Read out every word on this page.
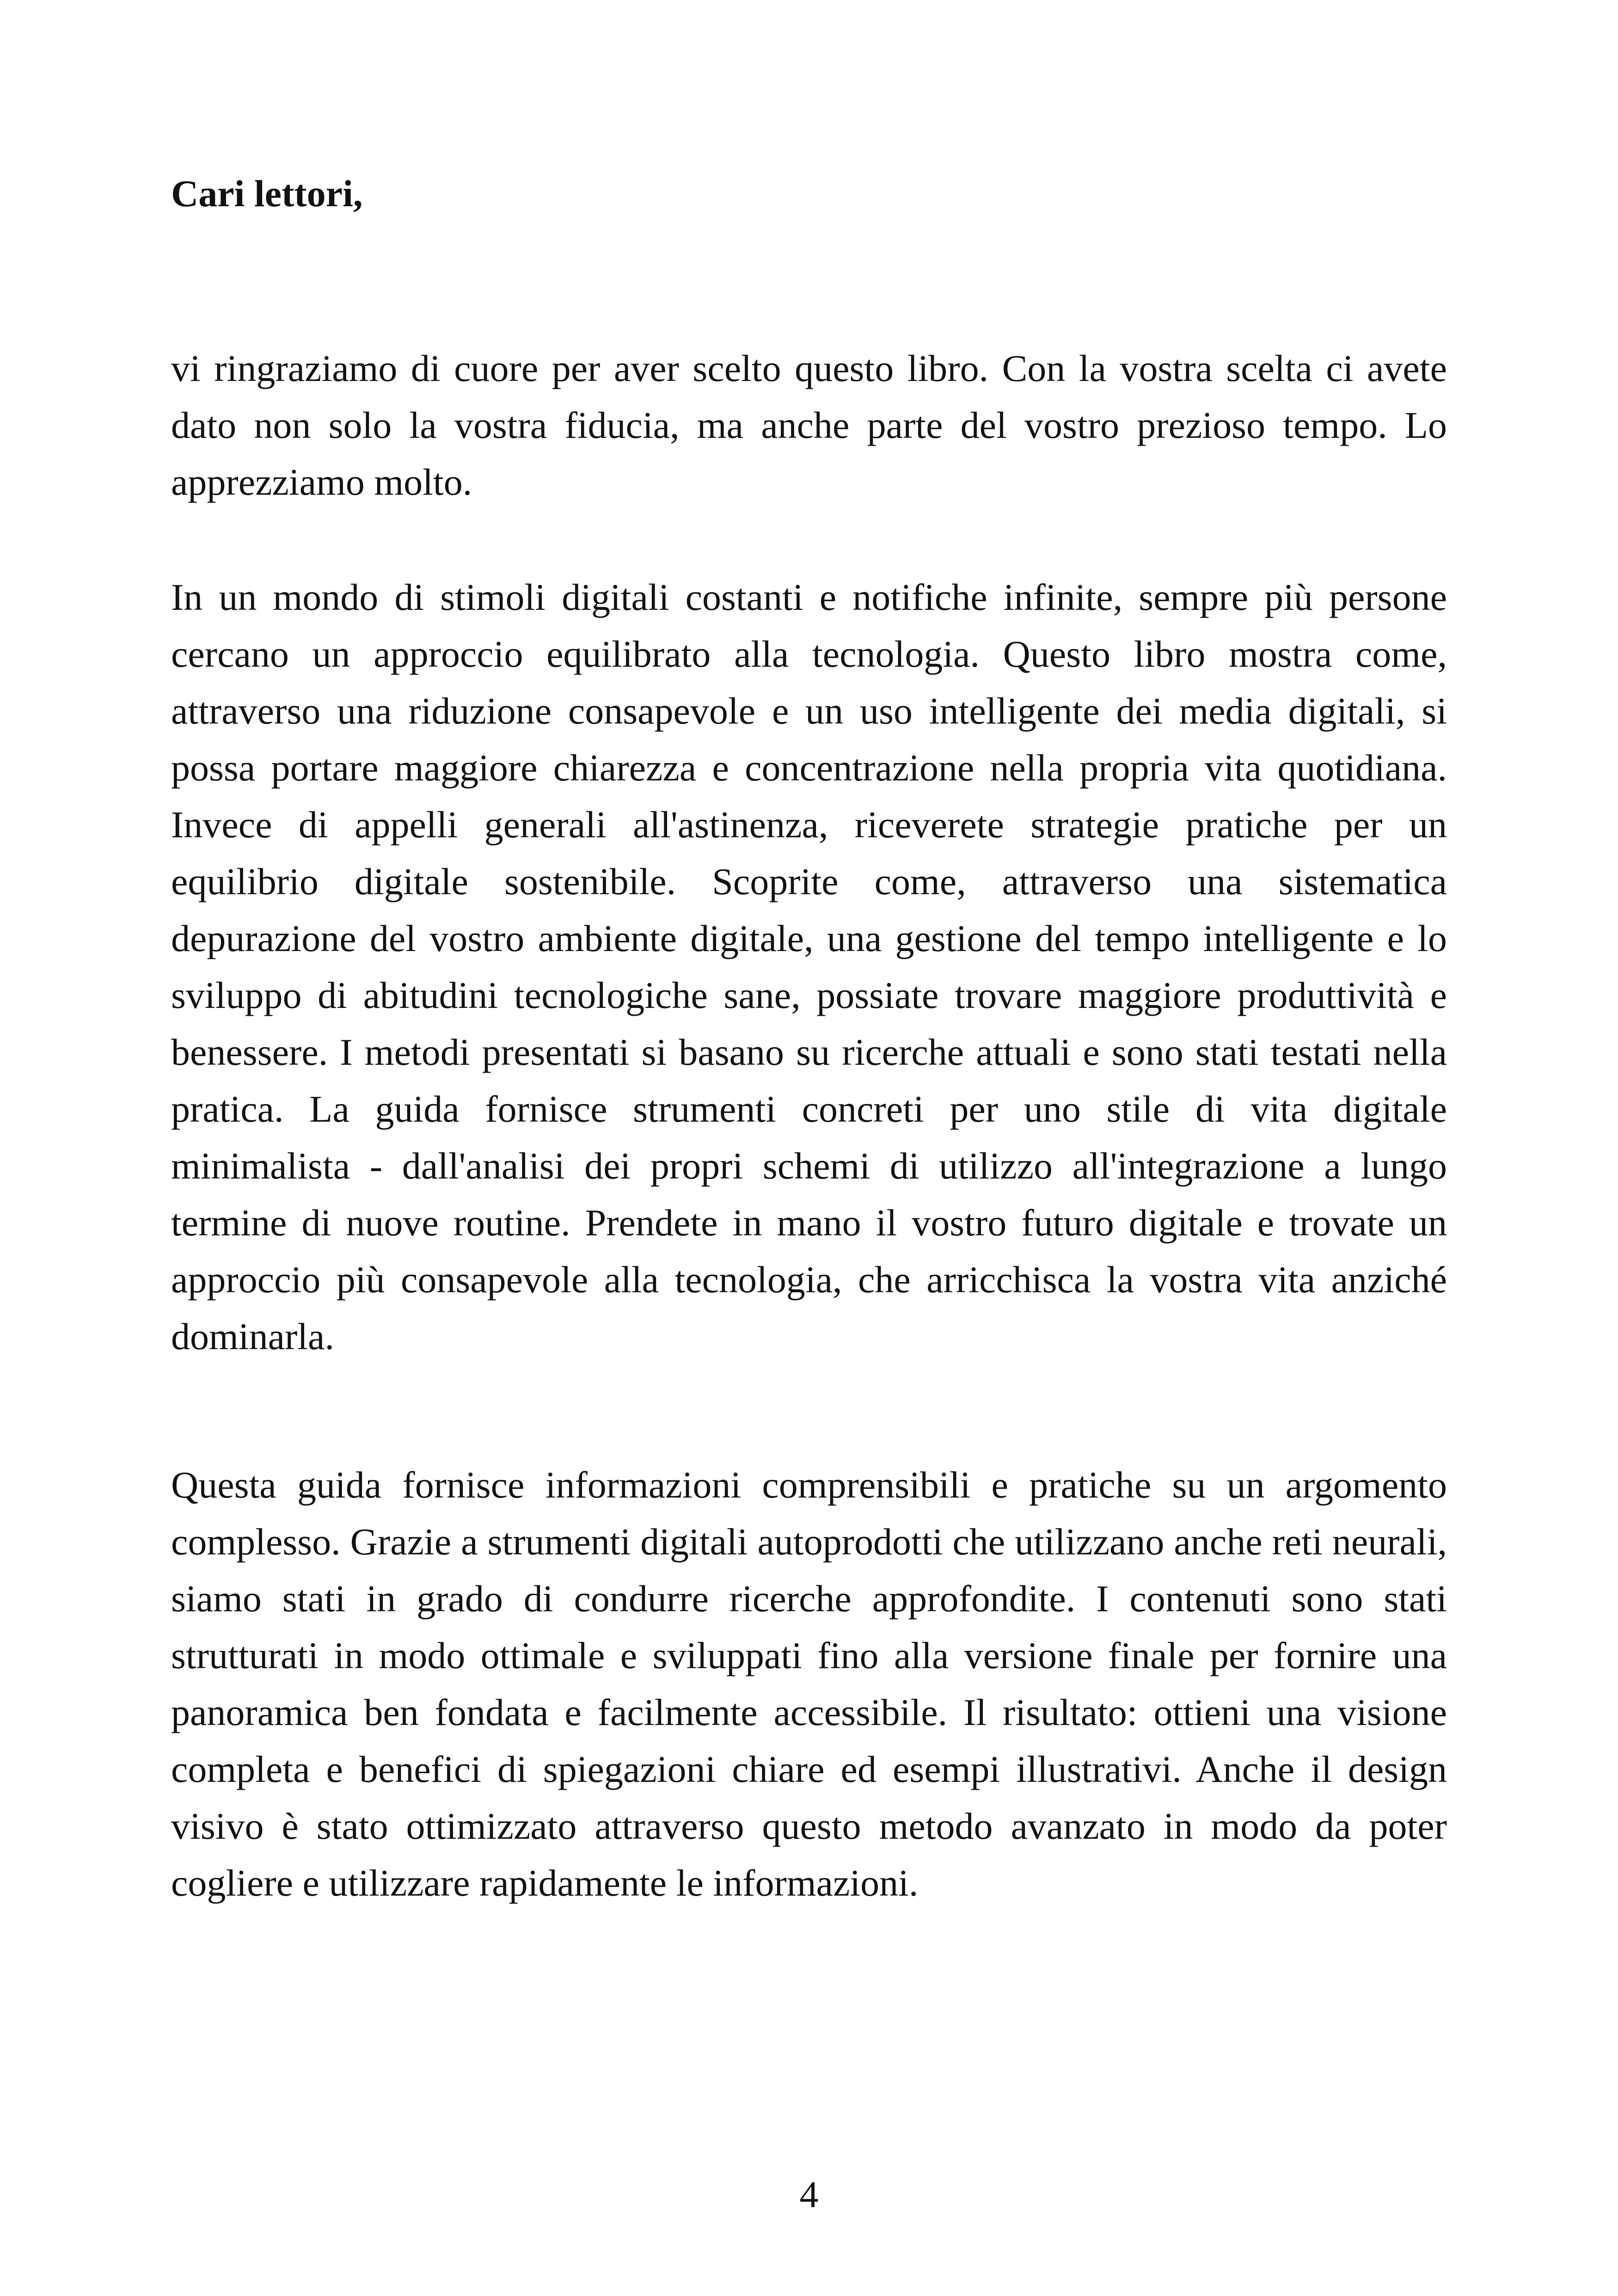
Cari lettori,

vi ringraziamo di cuore per aver scelto questo libro. Con la vostra scelta ci avete dato non solo la vostra fiducia, ma anche parte del vostro prezioso tempo. Lo apprezziamo molto.

In un mondo di stimoli digitali costanti e notifiche infinite, sempre più persone cercano un approccio equilibrato alla tecnologia. Questo libro mostra come, attraverso una riduzione consapevole e un uso intelligente dei media digitali, si possa portare maggiore chiarezza e concentrazione nella propria vita quotidiana. Invece di appelli generali all'astinenza, riceverete strategie pratiche per un equilibrio digitale sostenibile. Scoprite come, attraverso una sistematica depurazione del vostro ambiente digitale, una gestione del tempo intelligente e lo sviluppo di abitudini tecnologiche sane, possiate trovare maggiore produttività e benessere. I metodi presentati si basano su ricerche attuali e sono stati testati nella pratica. La guida fornisce strumenti concreti per uno stile di vita digitale minimalista - dall'analisi dei propri schemi di utilizzo all'integrazione a lungo termine di nuove routine. Prendete in mano il vostro futuro digitale e trovate un approccio più consapevole alla tecnologia, che arricchisca la vostra vita anziché dominarla.

Questa guida fornisce informazioni comprensibili e pratiche su un argomento complesso. Grazie a strumenti digitali autoprodotti che utilizzano anche reti neurali, siamo stati in grado di condurre ricerche approfondite. I contenuti sono stati strutturati in modo ottimale e sviluppati fino alla versione finale per fornire una panoramica ben fondata e facilmente accessibile. Il risultato: ottieni una visione completa e benefici di spiegazioni chiare ed esempi illustrativi. Anche il design visivo è stato ottimizzato attraverso questo metodo avanzato in modo da poter cogliere e utilizzare rapidamente le informazioni.

4
